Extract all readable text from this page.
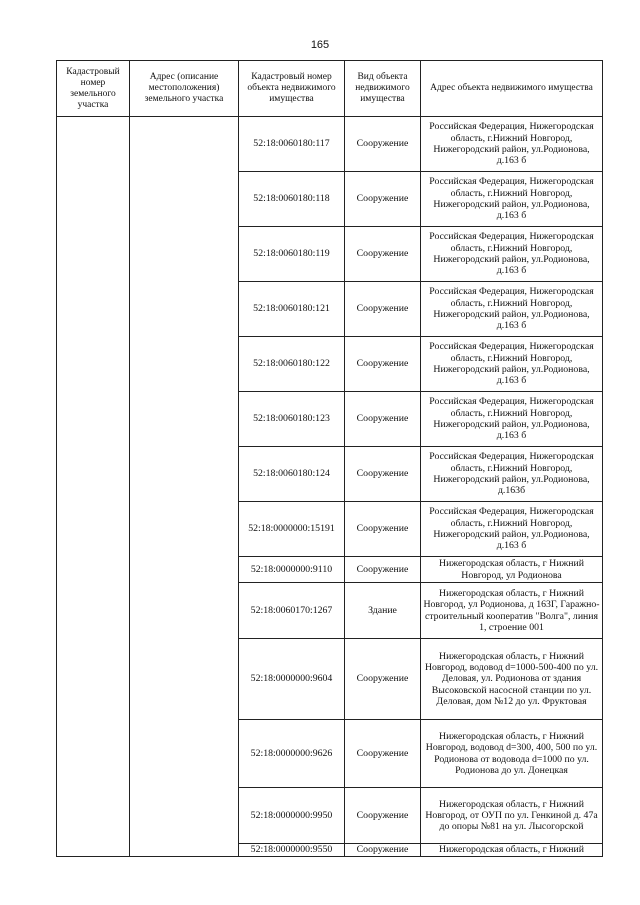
165
Кадастровый номер земельного участка	Адрес (описание местоположения) земельного участка	Кадастровый номер объекта недвижимого имущества	Вид объекта недвижимого имущества	Адрес объекта недвижимого имущества
		52:18:0060180:117	Сооружение	Российская Федерация, Нижегородская область, г.Нижний Новгород, Нижегородский район, ул.Родионова, д.163 б
		52:18:0060180:118	Сооружение	Российская Федерация, Нижегородская область, г.Нижний Новгород, Нижегородский район, ул.Родионова, д.163 б
		52:18:0060180:119	Сооружение	Российская Федерация, Нижегородская область, г.Нижний Новгород, Нижегородский район, ул.Родионова, д.163 б
		52:18:0060180:121	Сооружение	Российская Федерация, Нижегородская область, г.Нижний Новгород, Нижегородский район, ул.Родионова, д.163 б
		52:18:0060180:122	Сооружение	Российская Федерация, Нижегородская область, г.Нижний Новгород, Нижегородский район, ул.Родионова, д.163 б
		52:18:0060180:123	Сооружение	Российская Федерация, Нижегородская область, г.Нижний Новгород, Нижегородский район, ул.Родионова, д.163 б
		52:18:0060180:124	Сооружение	Российская Федерация, Нижегородская область, г.Нижний Новгород, Нижегородский район, ул.Родионова, д.163б
		52:18:0000000:15191	Сооружение	Российская Федерация, Нижегородская область, г.Нижний Новгород, Нижегородский район, ул.Родионова, д.163 б
		52:18:0000000:9110	Сооружение	Нижегородская область, г Нижний Новгород, ул Родионова
		52:18:0060170:1267	Здание	Нижегородская область, г Нижний Новгород, ул Родионова, д 163Г, Гаражно-строительный кооператив "Волга", линия 1, строение 001
		52:18:0000000:9604	Сооружение	Нижегородская область, г Нижний Новгород, водовод d=1000-500-400 по ул. Деловая, ул. Родионова от здания Высоковской насосной станции по ул. Деловая, дом №12 до ул. Фруктовая
		52:18:0000000:9626	Сооружение	Нижегородская область, г Нижний Новгород, водовод d=300, 400, 500 по ул. Родионова от водовода d=1000 по ул. Родионова до ул. Донецкая
		52:18:0000000:9950	Сооружение	Нижегородская область, г Нижний Новгород, от ОУП по ул. Генкиной д. 47а до опоры №81 на ул. Лысогорской
		52:18:0000000:9550	Сооружение	Нижегородская область, г Нижний
